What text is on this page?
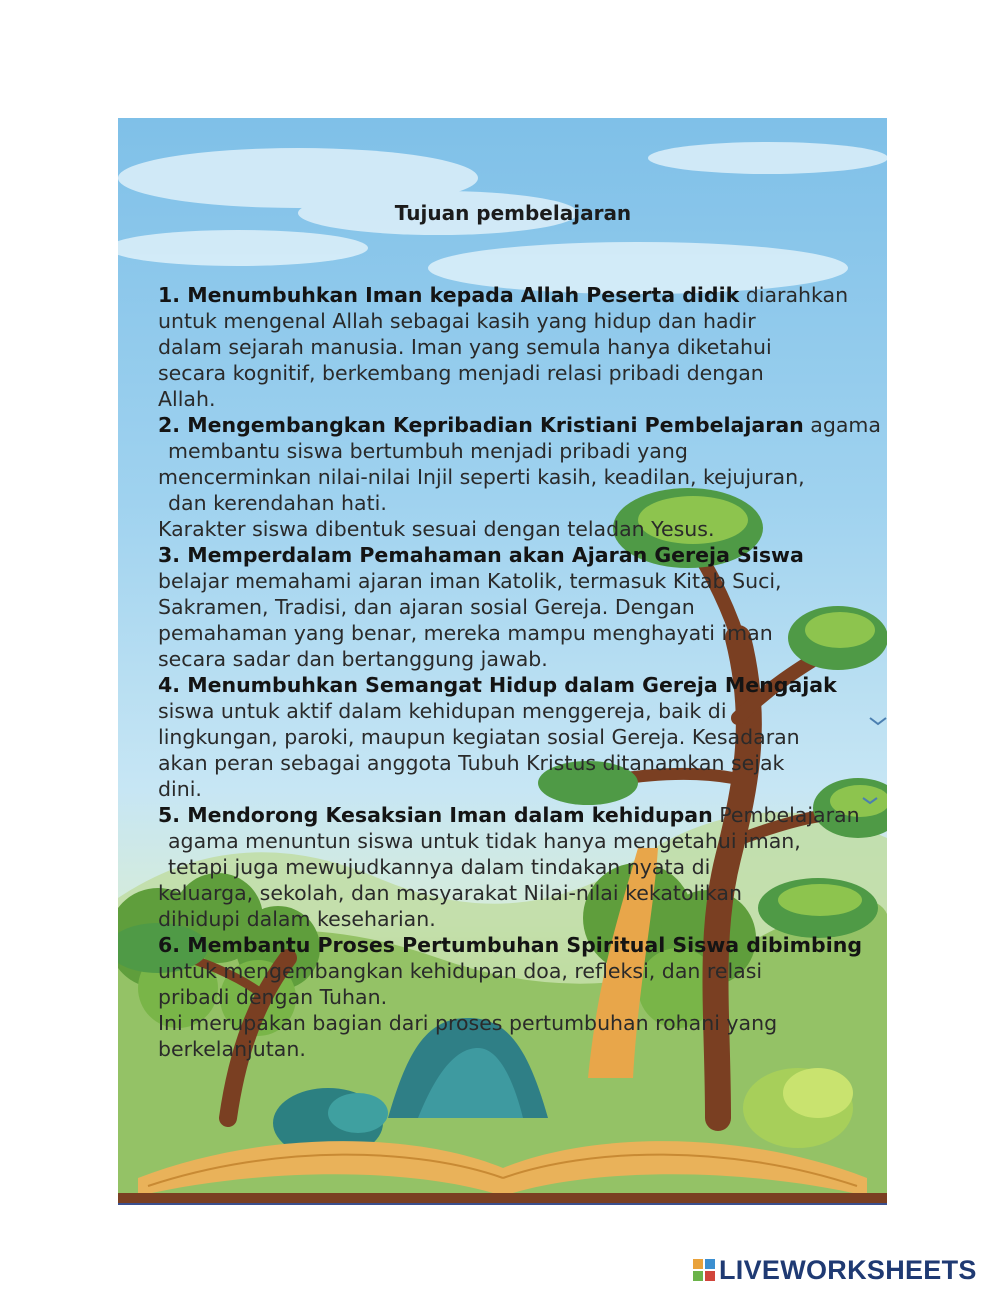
Tujuan pembelajaran

1. Menumbuhkan Iman kepada Allah Peserta didik diarahkan
untuk mengenal Allah sebagai kasih yang hidup dan hadir
dalam sejarah manusia. Iman yang semula hanya diketahui
secara kognitif, berkembang menjadi relasi pribadi dengan
Allah.

2. Mengembangkan Kepribadian Kristiani Pembelajaran agama
membantu siswa bertumbuh menjadi pribadi yang
mencerminkan nilai-nilai Injil seperti kasih, keadilan, kejujuran,
dan kerendahan hati.
Karakter siswa dibentuk sesuai dengan teladan Yesus.

3. Memperdalam Pemahaman akan Ajaran Gereja Siswa
belajar memahami ajaran iman Katolik, termasuk Kitab Suci,
Sakramen, Tradisi, dan ajaran sosial Gereja. Dengan
pemahaman yang benar, mereka mampu menghayati iman
secara sadar dan bertanggung jawab.

4. Menumbuhkan Semangat Hidup dalam Gereja Mengajak
siswa untuk aktif dalam kehidupan menggereja, baik di
lingkungan, paroki, maupun kegiatan sosial Gereja. Kesadaran
akan peran sebagai anggota Tubuh Kristus ditanamkan sejak
dini.

5. Mendorong Kesaksian Iman dalam kehidupan Pembelajaran
agama menuntun siswa untuk tidak hanya mengetahui iman,
tetapi juga mewujudkannya dalam tindakan nyata di
keluarga, sekolah, dan masyarakat Nilai-nilai kekatolikan
dihidupi dalam keseharian.

6. Membantu Proses Pertumbuhan Spiritual Siswa dibimbing
untuk mengembangkan kehidupan doa, refleksi, dan relasi
pribadi dengan Tuhan.
Ini merupakan bagian dari proses pertumbuhan rohani yang
berkelanjutan.

LIVEWORKSHEETS
